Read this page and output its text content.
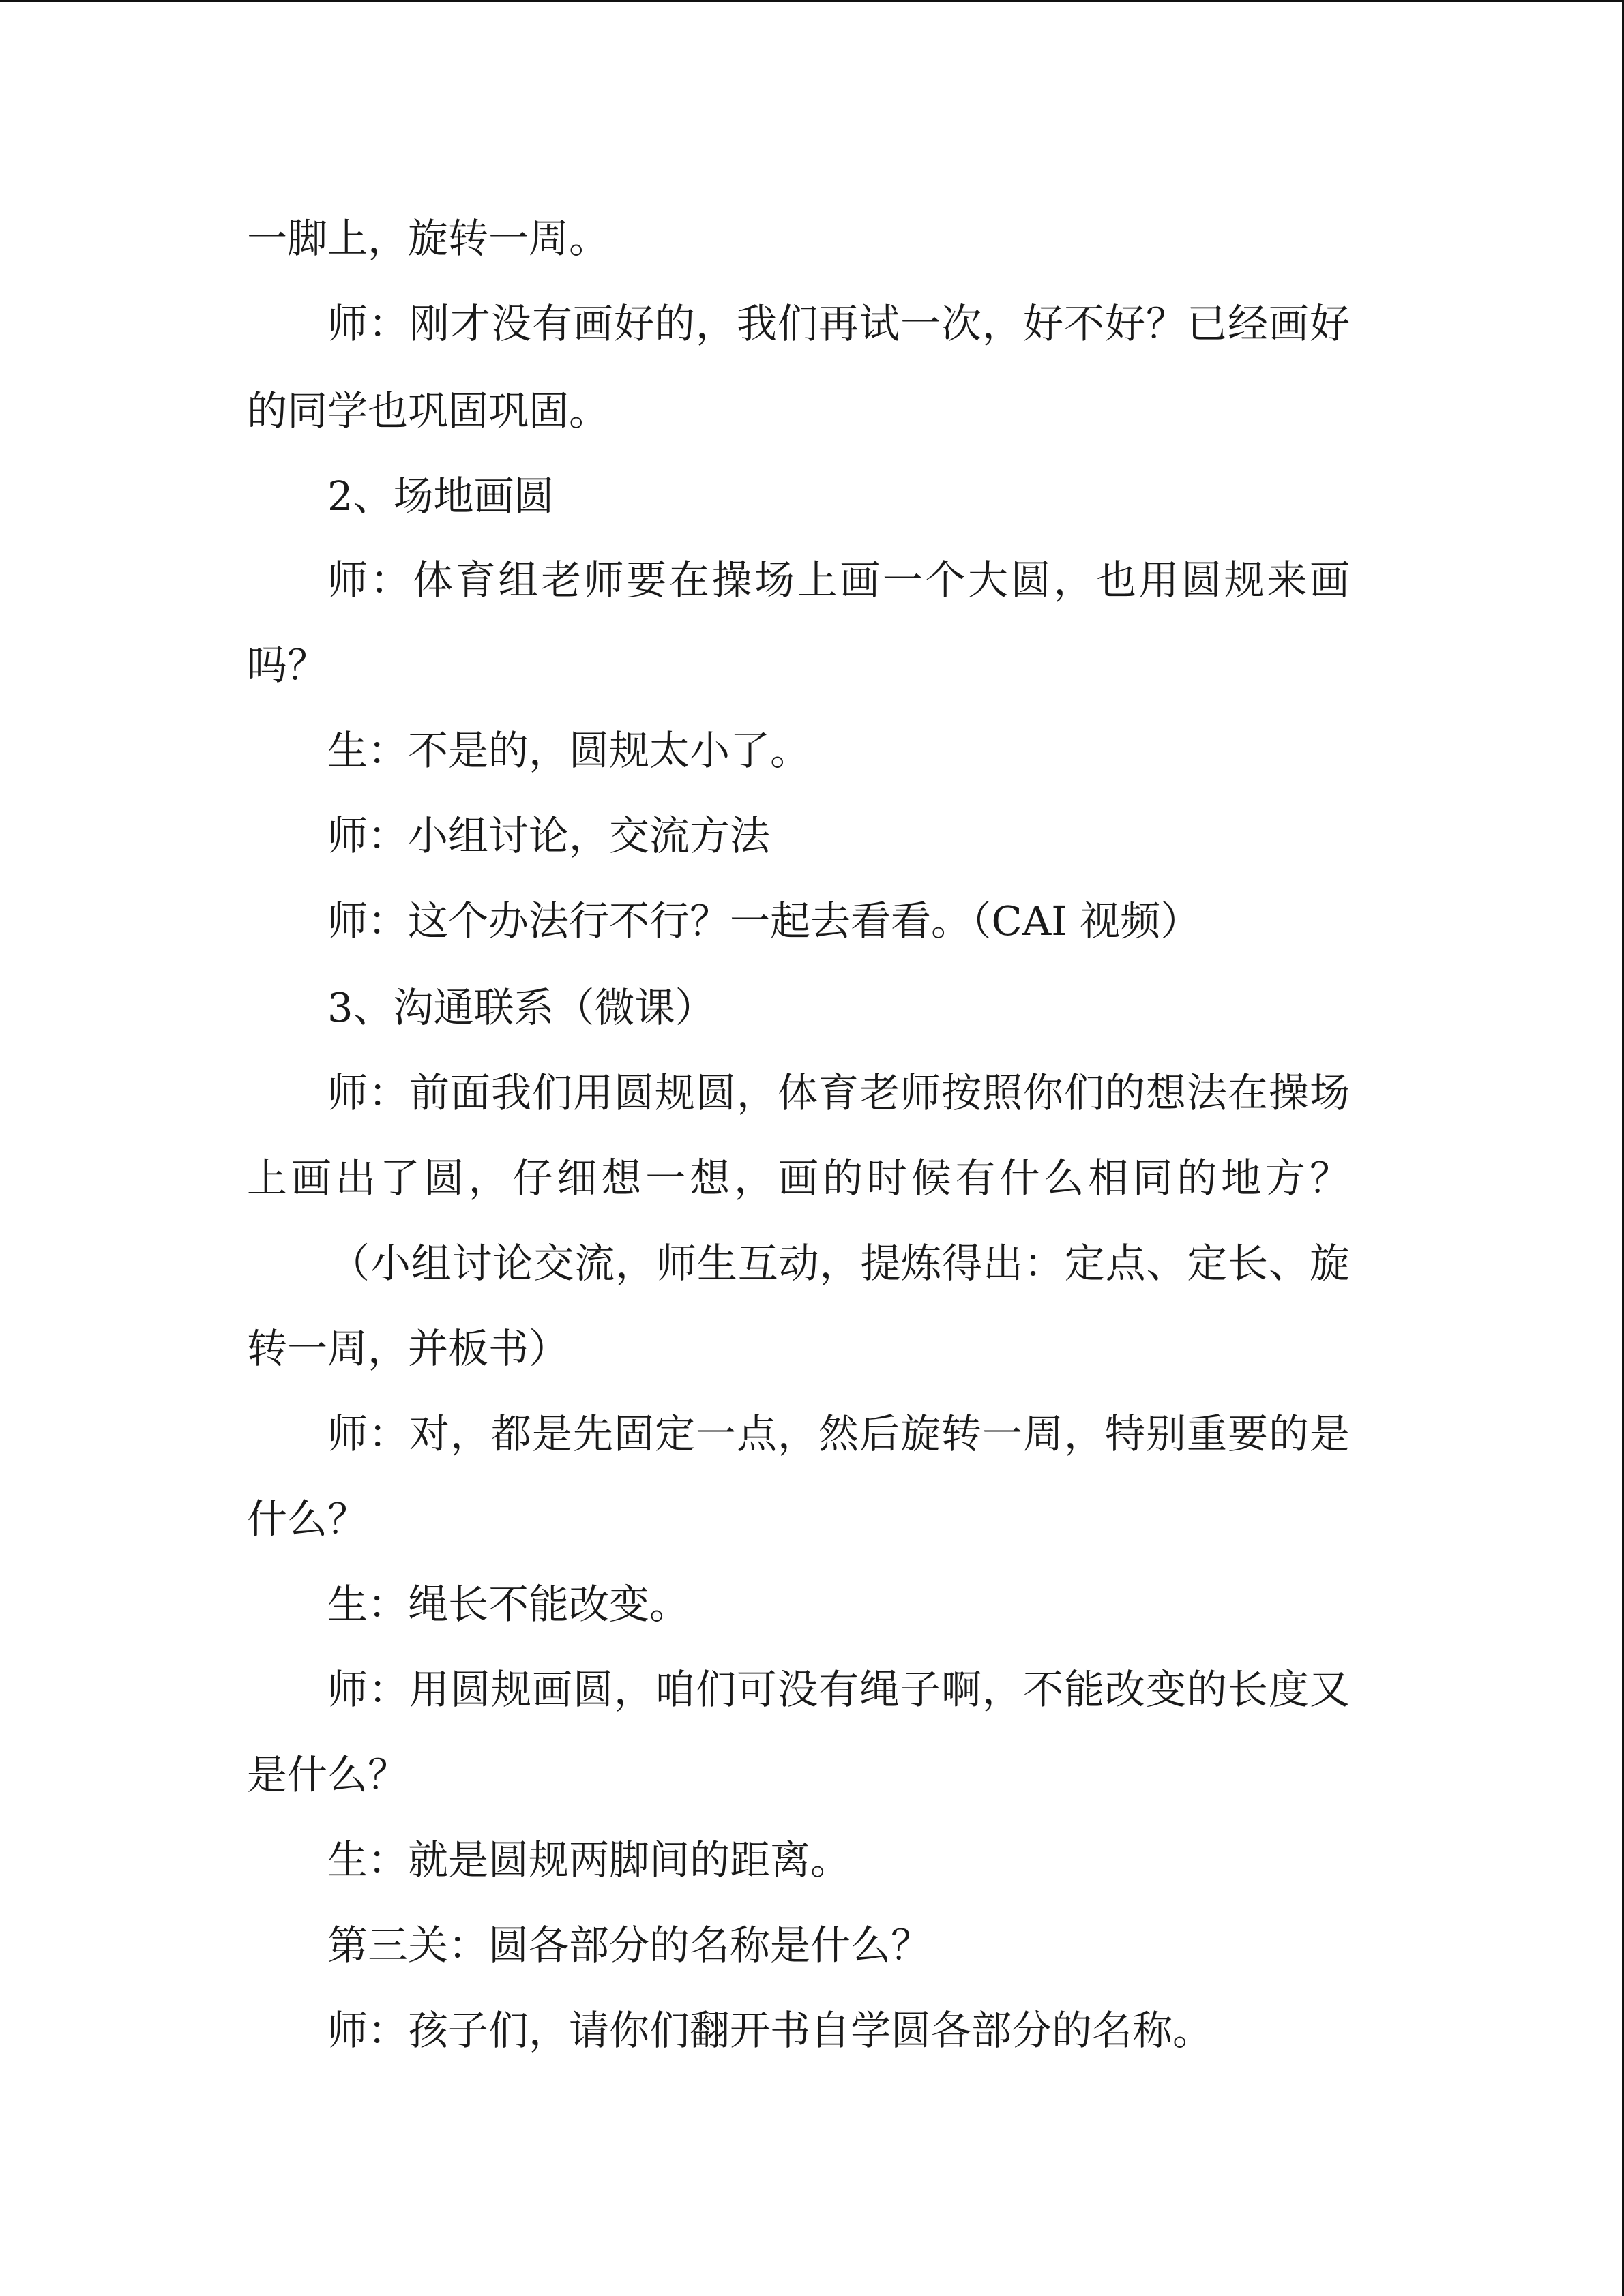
一脚上，旋转一周。
师：刚才没有画好的，我们再试一次，好不好？已经画好
的同学也巩固巩固。
2、场地画圆
师：体育组老师要在操场上画一个大圆，也用圆规来画
吗？
生：不是的，圆规太小了。
师：小组讨论，交流方法
师：这个办法行不行？一起去看看。（CAI 视频）
3、沟通联系（微课）
师：前面我们用圆规圆，体育老师按照你们的想法在操场
上画出了圆，仔细想一想，画的时候有什么相同的地方？
（小组讨论交流，师生互动，提炼得出：定点、定长、旋
转一周，并板书）
师：对，都是先固定一点，然后旋转一周，特别重要的是
什么？
生：绳长不能改变。
师：用圆规画圆，咱们可没有绳子啊，不能改变的长度又
是什么？
生：就是圆规两脚间的距离。
第三关：圆各部分的名称是什么？
师：孩子们，请你们翻开书自学圆各部分的名称。
